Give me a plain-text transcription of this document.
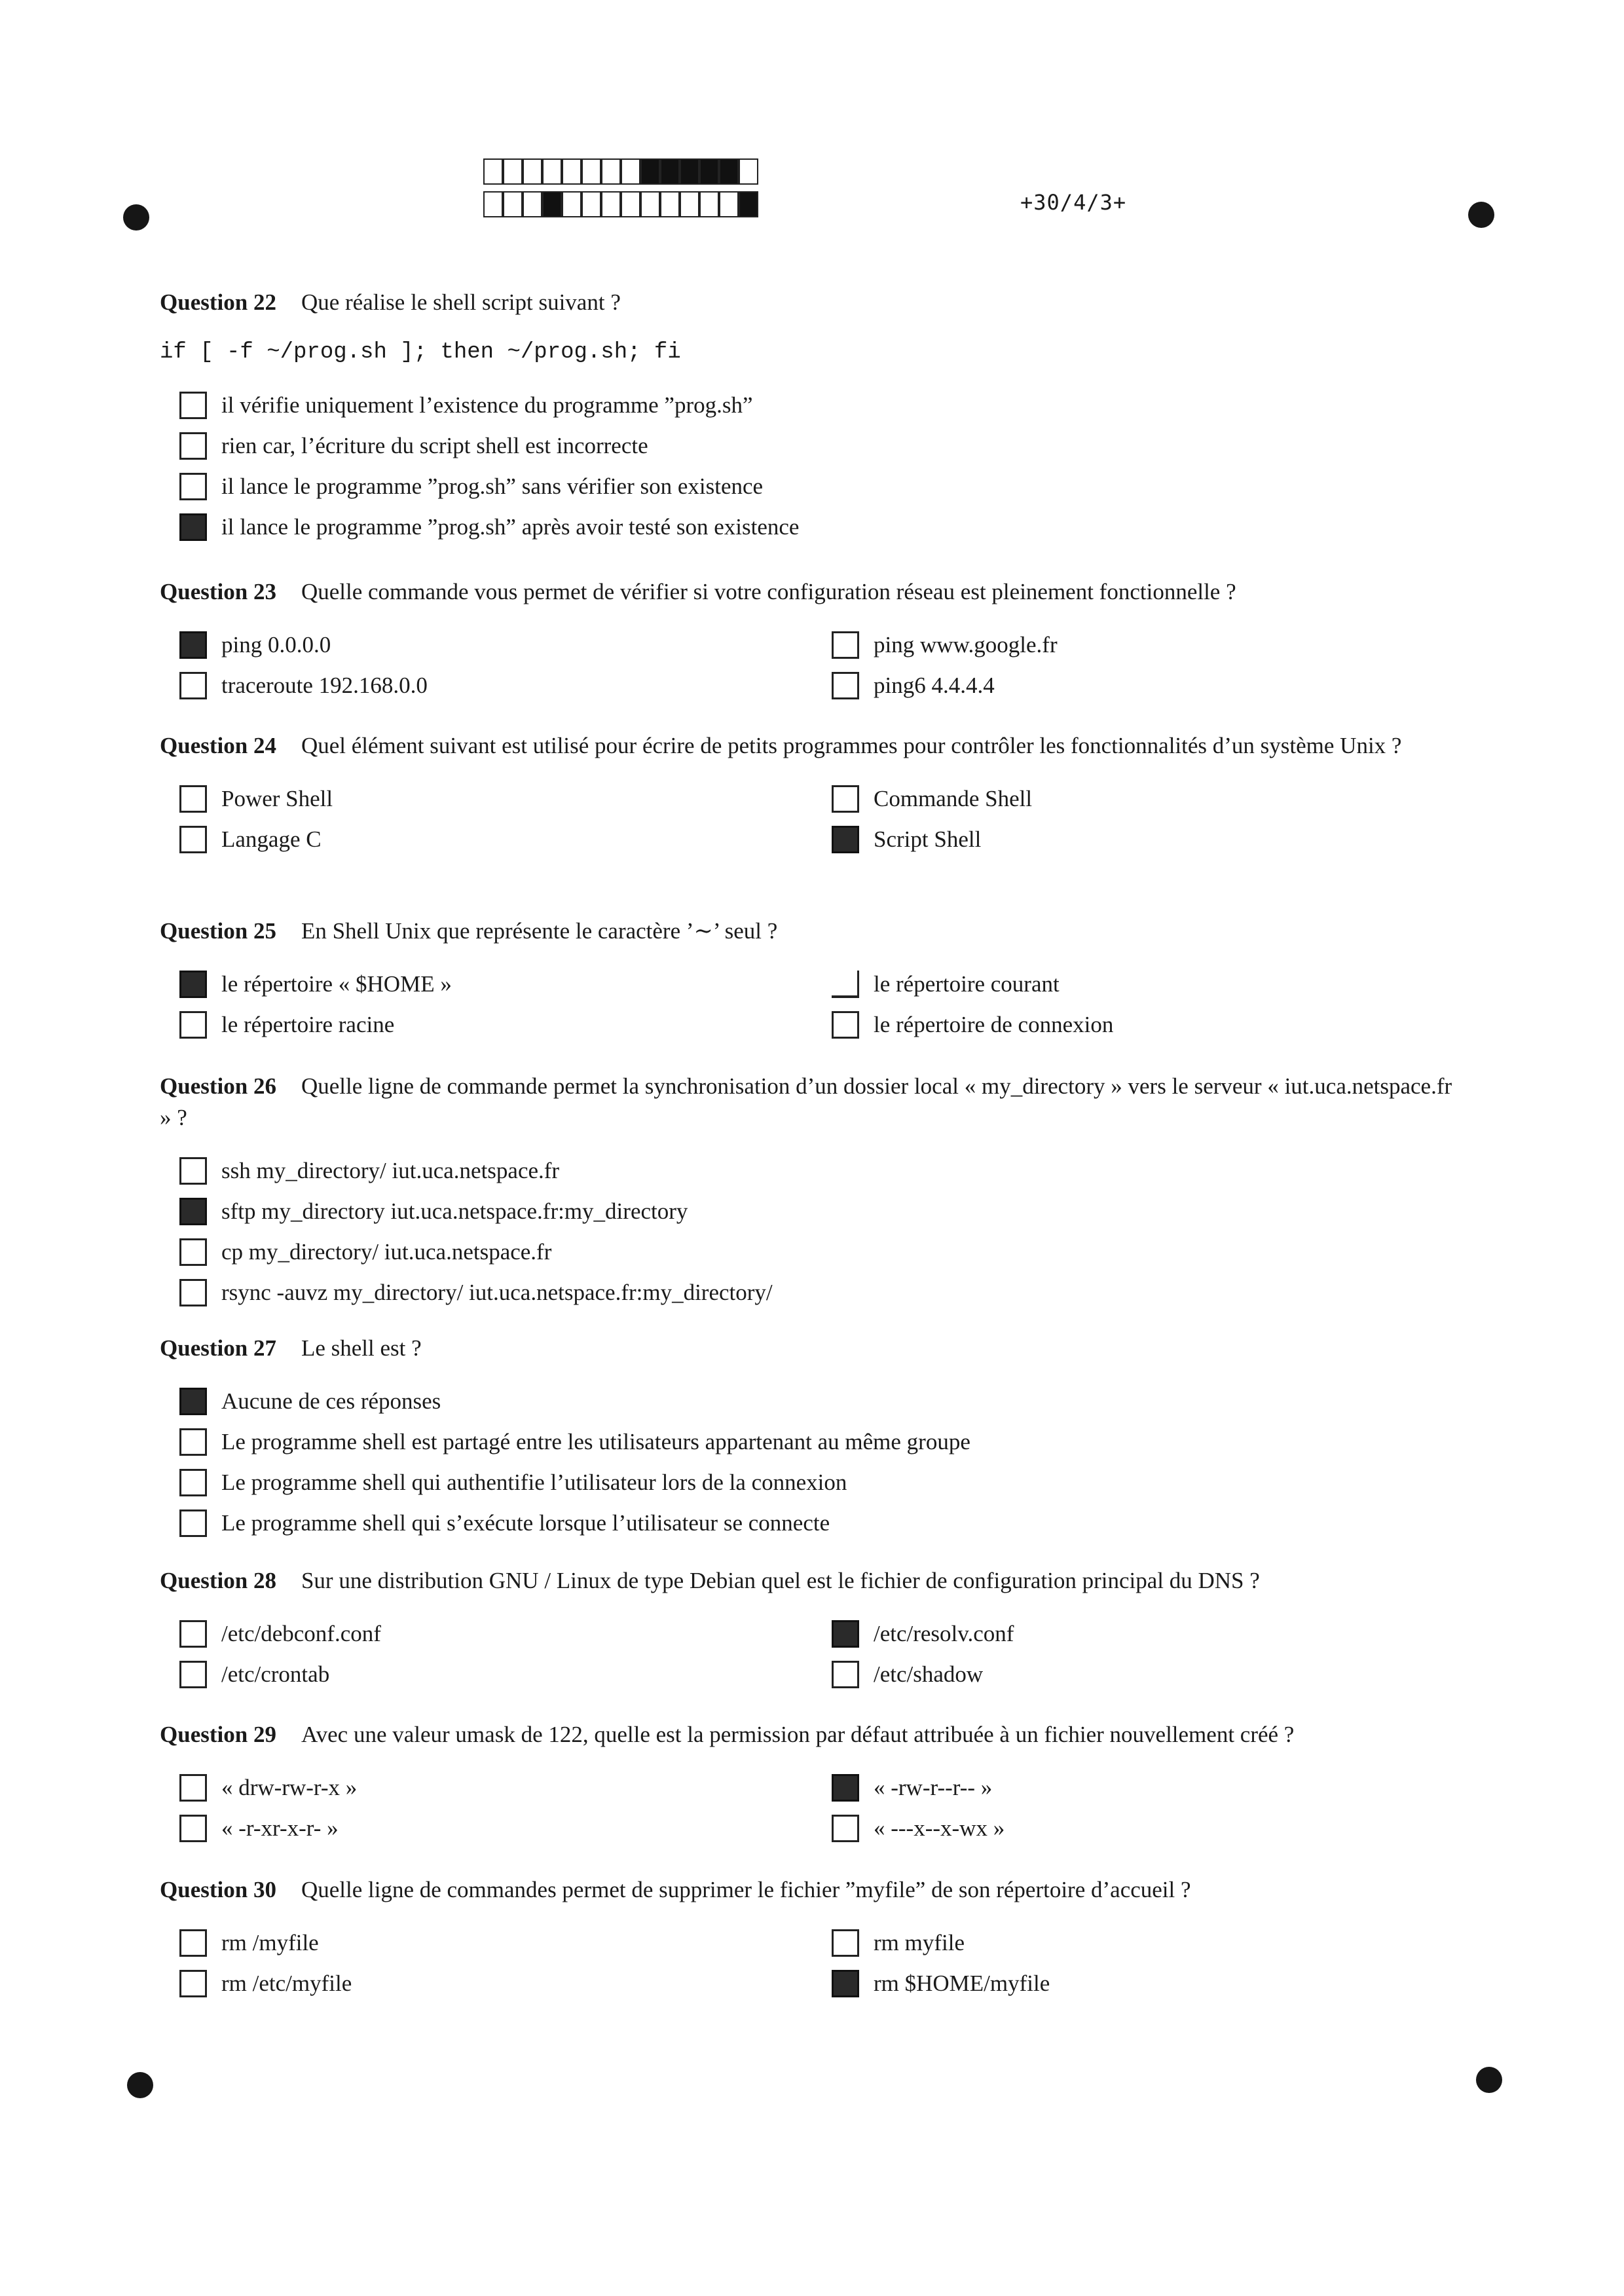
+30/4/3+
Question 22 Que réalise le shell script suivant ?
if [ -f ~/prog.sh ]; then ~/prog.sh; fi
il vérifie uniquement l’existence du programme ”prog.sh”
rien car, l’écriture du script shell est incorrecte
il lance le programme ”prog.sh” sans vérifier son existence
il lance le programme ”prog.sh” après avoir testé son existence
Question 23 Quelle commande vous permet de vérifier si votre configuration réseau est pleinement fonctionnelle ?
ping 0.0.0.0	ping www.google.fr
traceroute 192.168.0.0	ping6 4.4.4.4
Question 24 Quel élément suivant est utilisé pour écrire de petits programmes pour contrôler les fonctionnalités d’un système Unix ?
Power Shell	Commande Shell
Langage C	Script Shell
Question 25 En Shell Unix que représente le caractère ’∼’ seul ?
le répertoire « $HOME »	le répertoire courant
le répertoire racine	le répertoire de connexion
Question 26 Quelle ligne de commande permet la synchronisation d’un dossier local « my_directory » vers le serveur « iut.uca.netspace.fr » ?
ssh my_directory/ iut.uca.netspace.fr
sftp my_directory iut.uca.netspace.fr:my_directory
cp my_directory/ iut.uca.netspace.fr
rsync -auvz my_directory/ iut.uca.netspace.fr:my_directory/
Question 27 Le shell est ?
Aucune de ces réponses
Le programme shell est partagé entre les utilisateurs appartenant au même groupe
Le programme shell qui authentifie l’utilisateur lors de la connexion
Le programme shell qui s’exécute lorsque l’utilisateur se connecte
Question 28 Sur une distribution GNU / Linux de type Debian quel est le fichier de configuration principal du DNS ?
/etc/debconf.conf	/etc/resolv.conf
/etc/crontab	/etc/shadow
Question 29 Avec une valeur umask de 122, quelle est la permission par défaut attribuée à un fichier nouvellement créé ?
« drw-rw-r-x »	« -rw-r--r-- »
« -r-xr-x-r- »	« ---x--x-wx »
Question 30 Quelle ligne de commandes permet de supprimer le fichier ”myfile” de son répertoire d’accueil ?
rm /myfile	rm myfile
rm /etc/myfile	rm $HOME/myfile
